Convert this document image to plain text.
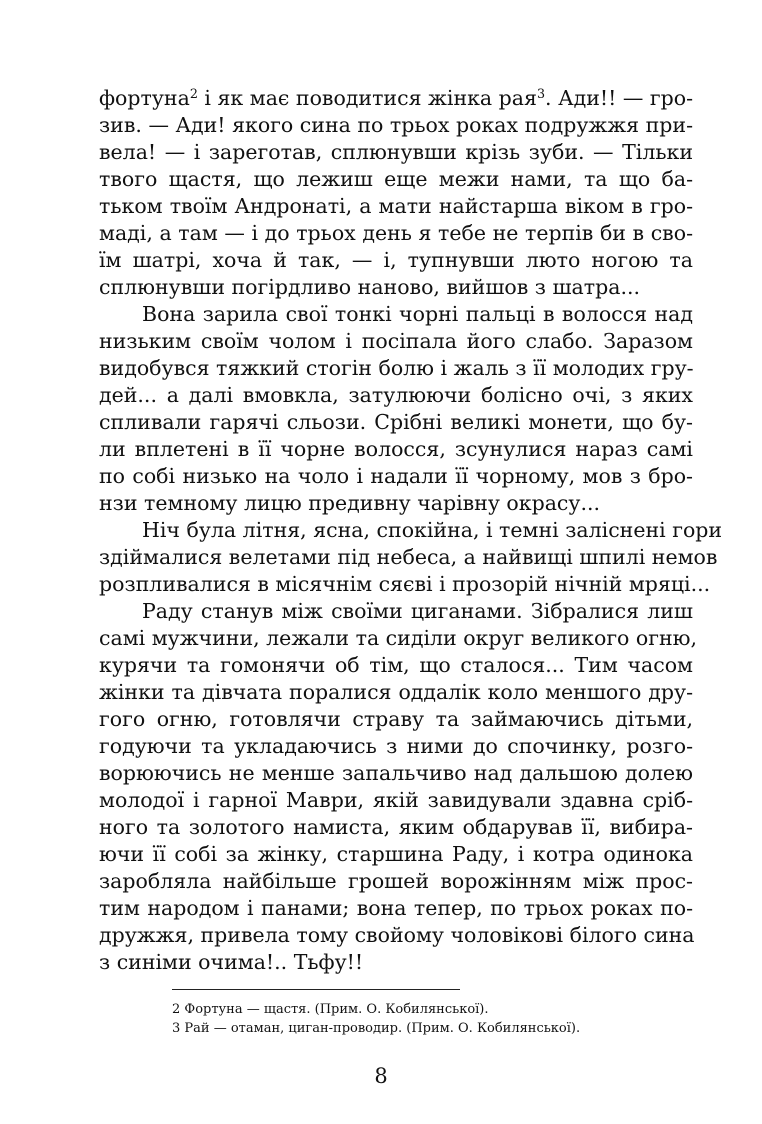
фортуна$^2$ і як має поводитися жінка рая$^3$. Ади!! — гро-
зив. — Ади! якого сина по трьох роках подружжя при-
вела! — і зареготав, сплюнувши крізь зуби. — Тільки
твого щастя, що лежиш еще межи нами, та що ба-
тьком твоїм Андронаті, а мати найстарша віком в гро-
маді, а там — і до трьох день я тебе не терпів би в сво-
їм шатрі, хоча й так, — і, тупнувши люто ногою та
сплюнувши погірдливо наново, вийшов з шатра...
Вона зарила свої тонкі чорні пальці в волосся над
низьким своїм чолом і посіпала його слабо. Заразом
видобувся тяжкий стогін болю і жаль з її молодих гру-
дей... а далі вмовкла, затулюючи болісно очі, з яких
спливали гарячі сльози. Срібні великі монети, що бу-
ли вплетені в її чорне волосся, зсунулися нараз самі
по собі низько на чоло і надали її чорному, мов з бро-
нзи темному лицю предивну чарівну окрасу...
Ніч була літня, ясна, спокійна, і темні заліснені гори
здіймалися велетами під небеса, а найвищі шпилі немов
розпливалися в місячнім сяєві і прозорій нічній мряці...
Раду станув між своїми циганами. Зібралися лиш
самі мужчини, лежали та сиділи округ великого огню,
курячи та гомонячи об тім, що сталося... Тим часом
жінки та дівчата поралися оддалік коло меншого дру-
гого огню, готовлячи страву та займаючись дітьми,
годуючи та укладаючись з ними до спочинку, розго-
ворюючись не менше запальчиво над дальшою долею
молодої і гарної Маври, якій завидували здавна сріб-
ного та золотого намиста, яким обдарував її, вибира-
ючи її собі за жінку, старшина Раду, і котра одинока
заробляла найбільше грошей ворожінням між прос-
тим народом і панами; вона тепер, по трьох роках по-
дружжя, привела тому свойому чоловікові білого сина
з синіми очима!.. Тьфу!!
2 Фортуна — щастя. (Прим. О. Кобилянської).
3 Рай — отаман, циган-проводир. (Прим. О. Кобилянської).
8
